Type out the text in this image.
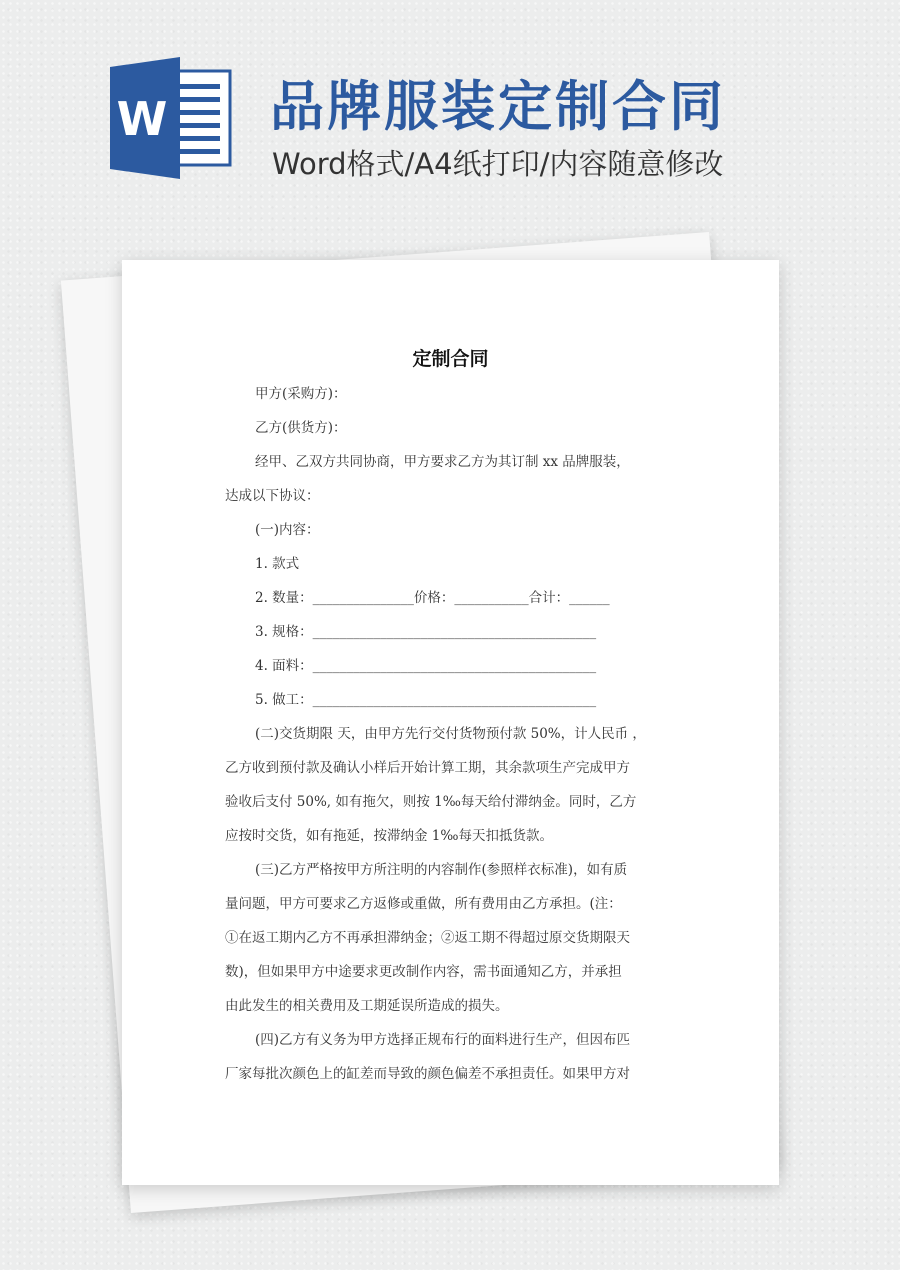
W 品牌服装定制合同
Word格式/A4纸打印/内容随意修改
定制合同
甲方(采购方)：
乙方(供货方)：
经甲、乙双方共同协商，甲方要求乙方为其订制 xx 品牌服装，
达成以下协议：
(一)内容：
1. 款式
2. 数量：_______________价格：___________合计：______
3. 规格：__________________________________________
4. 面料：__________________________________________
5. 做工：__________________________________________
(二)交货期限 天，由甲方先行交付货物预付款 50%，计人民币 ，
乙方收到预付款及确认小样后开始计算工期，其余款项生产完成甲方
验收后支付 50%, 如有拖欠，则按 1‰每天给付滞纳金。同时，乙方
应按时交货，如有拖延，按滞纳金 1‰每天扣抵货款。
(三)乙方严格按甲方所注明的内容制作(参照样衣标准)，如有质
量问题，甲方可要求乙方返修或重做，所有费用由乙方承担。(注：
①在返工期内乙方不再承担滞纳金；②返工期不得超过原交货期限天
数)，但如果甲方中途要求更改制作内容，需书面通知乙方，并承担
由此发生的相关费用及工期延误所造成的损失。
(四)乙方有义务为甲方选择正规布行的面料进行生产，但因布匹
厂家每批次颜色上的缸差而导致的颜色偏差不承担责任。如果甲方对
